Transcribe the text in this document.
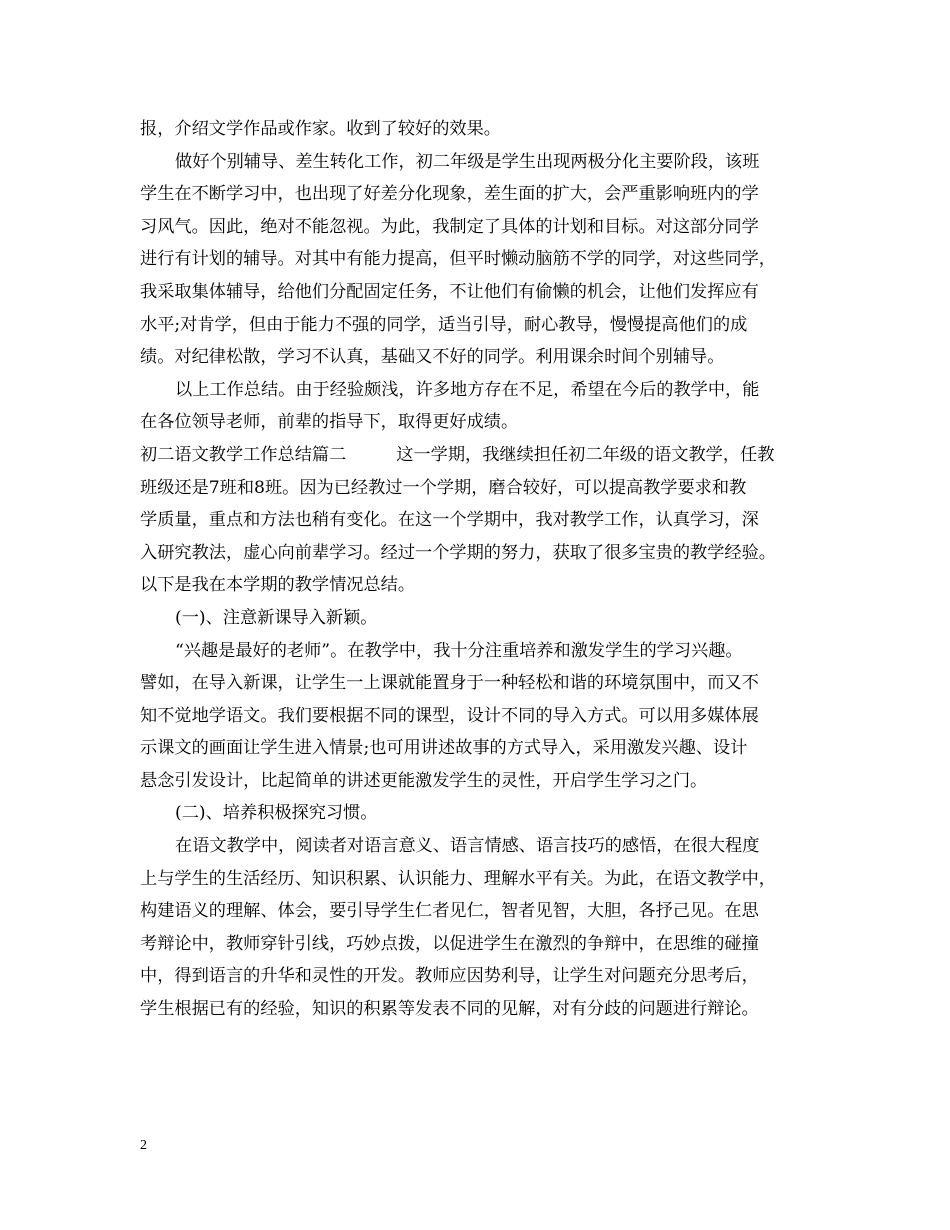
报，介绍文学作品或作家。收到了较好的效果。
做好个别辅导、差生转化工作，初二年级是学生出现两极分化主要阶段，该班
学生在不断学习中，也出现了好差分化现象，差生面的扩大，会严重影响班内的学
习风气。因此，绝对不能忽视。为此，我制定了具体的计划和目标。对这部分同学
进行有计划的辅导。对其中有能力提高，但平时懒动脑筋不学的同学，对这些同学，
我采取集体辅导，给他们分配固定任务，不让他们有偷懒的机会，让他们发挥应有
水平;对肯学，但由于能力不强的同学，适当引导，耐心教导，慢慢提高他们的成
绩。对纪律松散，学习不认真，基础又不好的同学。利用课余时间个别辅导。
以上工作总结。由于经验颇浅，许多地方存在不足，希望在今后的教学中，能
在各位领导老师，前辈的指导下，取得更好成绩。
初二语文教学工作总结篇二	这一学期，我继续担任初二年级的语文教学，任教
班级还是7班和8班。因为已经教过一个学期，磨合较好，可以提高教学要求和教
学质量，重点和方法也稍有变化。在这一个学期中，我对教学工作，认真学习，深
入研究教法，虚心向前辈学习。经过一个学期的努力，获取了很多宝贵的教学经验。
以下是我在本学期的教学情况总结。
(一)、注意新课导入新颖。
“兴趣是最好的老师”。在教学中，我十分注重培养和激发学生的学习兴趣。
譬如，在导入新课，让学生一上课就能置身于一种轻松和谐的环境氛围中，而又不
知不觉地学语文。我们要根据不同的课型，设计不同的导入方式。可以用多媒体展
示课文的画面让学生进入情景;也可用讲述故事的方式导入，采用激发兴趣、设计
悬念引发设计，比起简单的讲述更能激发学生的灵性，开启学生学习之门。
(二)、培养积极探究习惯。
在语文教学中，阅读者对语言意义、语言情感、语言技巧的感悟，在很大程度
上与学生的生活经历、知识积累、认识能力、理解水平有关。为此，在语文教学中，
构建语义的理解、体会，要引导学生仁者见仁，智者见智，大胆，各抒己见。在思
考辩论中，教师穿针引线，巧妙点拨，以促进学生在激烈的争辩中，在思维的碰撞
中，得到语言的升华和灵性的开发。教师应因势利导，让学生对问题充分思考后，
学生根据已有的经验，知识的积累等发表不同的见解，对有分歧的问题进行辩论。
2
